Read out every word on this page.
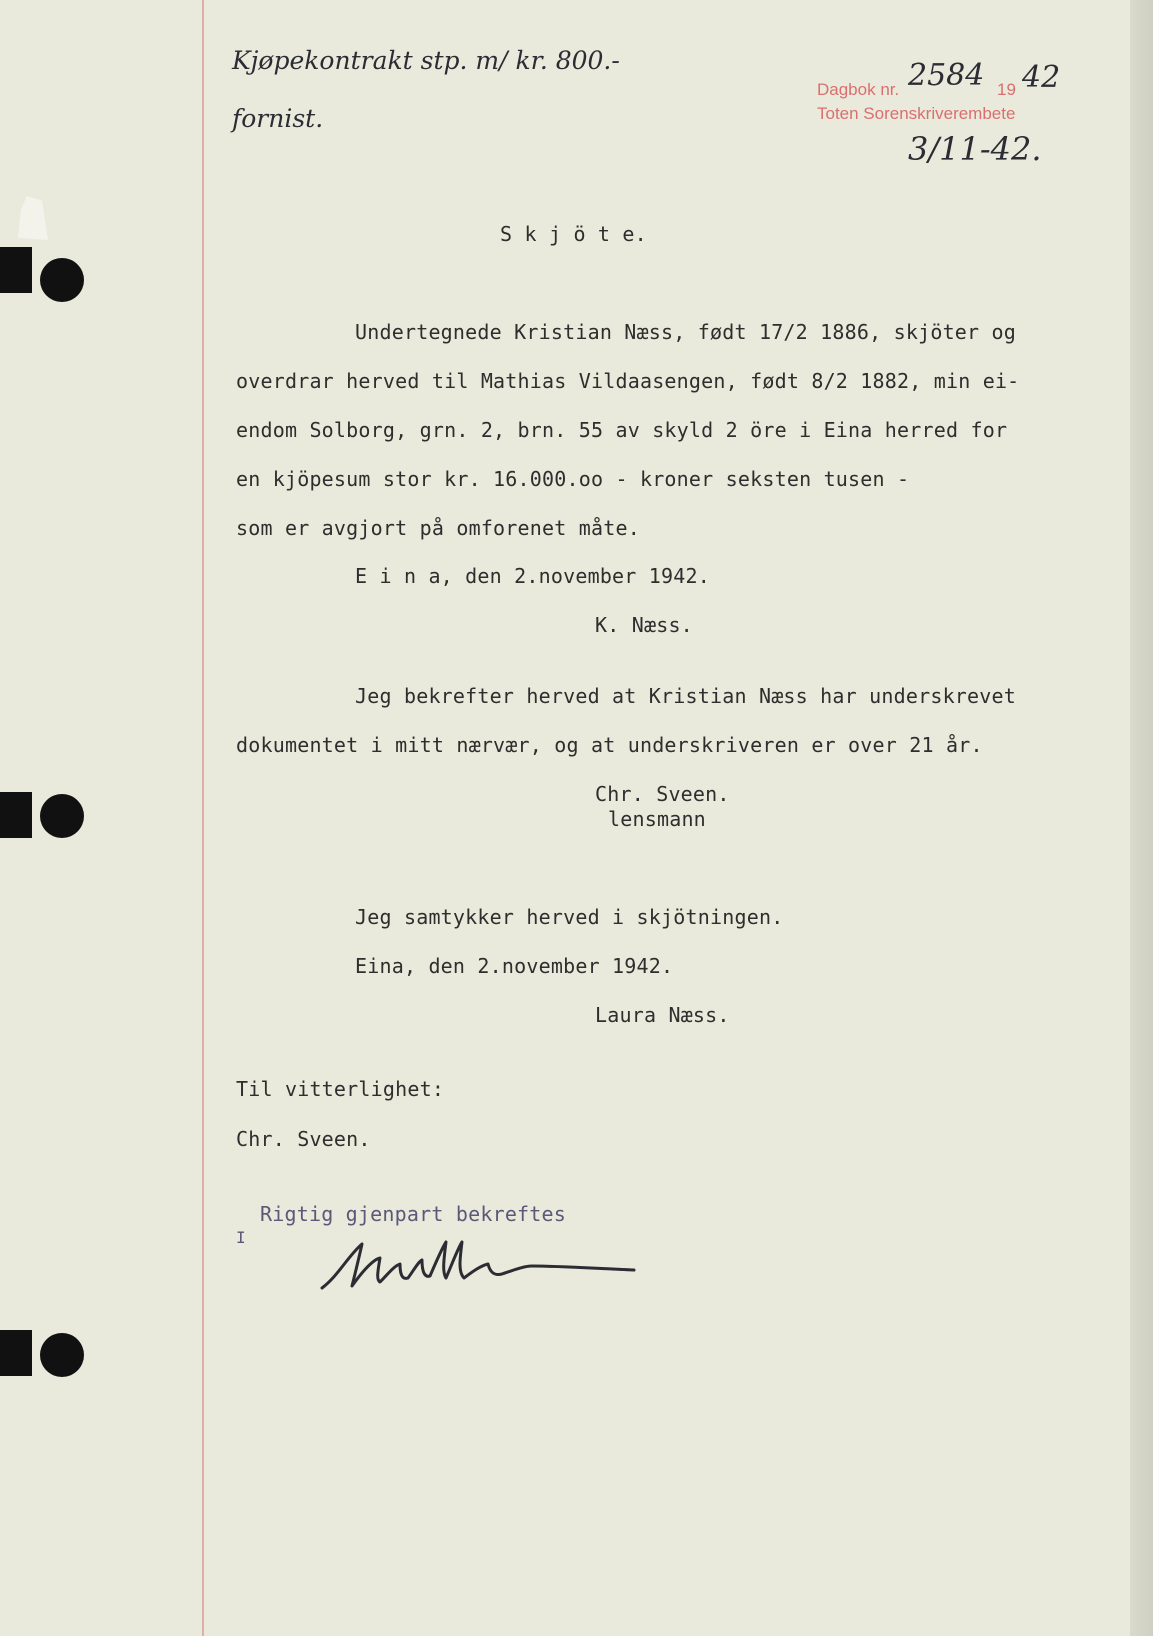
Kjøpekontrakt stp. m/ kr. 800.-
fornist.
Dagbok nr. 2584 19 42
Toten Sorenskriverembete
3/11-42.
S k j ö t e.
Undertegnede Kristian Næss, født 17/2 1886, skjöter og
overdrar herved til Mathias Vildaasengen, født 8/2 1882, min ei-
endom Solborg, grn. 2, brn. 55 av skyld 2 öre i Eina herred for
en kjöpesum stor kr. 16.000.oo - kroner seksten tusen -
som er avgjort på omforenet måte.
E i n a, den 2.november 1942.
K. Næss.
Jeg bekrefter herved at Kristian Næss har underskrevet
dokumentet i mitt nærvær, og at underskriveren er over 21 år.
Chr. Sveen.
lensmann
Jeg samtykker herved i skjötningen.
Eina, den 2.november 1942.
Laura Næss.
Til vitterlighet:
Chr. Sveen.
Rigtig gjenpart bekreftes
I
